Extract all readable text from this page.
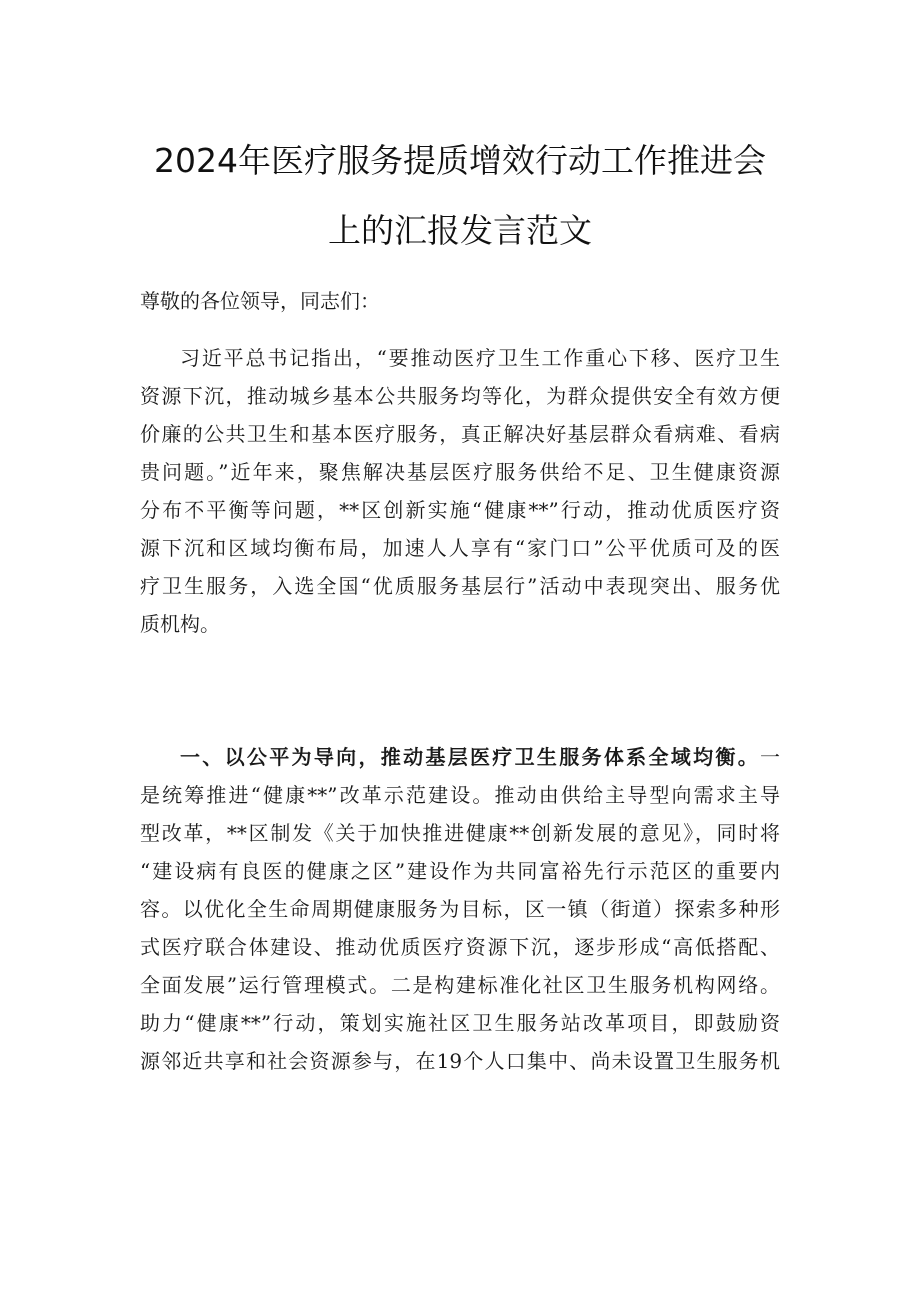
2024年医疗服务提质增效行动工作推进会
上的汇报发言范文
尊敬的各位领导，同志们：
习近平总书记指出，“要推动医疗卫生工作重心下移、医疗卫生
资源下沉，推动城乡基本公共服务均等化，为群众提供安全有效方便
价廉的公共卫生和基本医疗服务，真正解决好基层群众看病难、看病
贵问题。”近年来，聚焦解决基层医疗服务供给不足、卫生健康资源
分布不平衡等问题，**区创新实施“健康**”行动，推动优质医疗资
源下沉和区域均衡布局，加速人人享有“家门口”公平优质可及的医
疗卫生服务，入选全国“优质服务基层行”活动中表现突出、服务优
质机构。
一、以公平为导向，推动基层医疗卫生服务体系全域均衡。一
是统筹推进“健康**”改革示范建设。推动由供给主导型向需求主导
型改革，**区制发《关于加快推进健康**创新发展的意见》，同时将
“建设病有良医的健康之区”建设作为共同富裕先行示范区的重要内
容。以优化全生命周期健康服务为目标，区一镇（街道）探索多种形
式医疗联合体建设、推动优质医疗资源下沉，逐步形成“高低搭配、
全面发展”运行管理模式。二是构建标准化社区卫生服务机构网络。
助力“健康**”行动，策划实施社区卫生服务站改革项目，即鼓励资
源邻近共享和社会资源参与，在19个人口集中、尚未设置卫生服务机
